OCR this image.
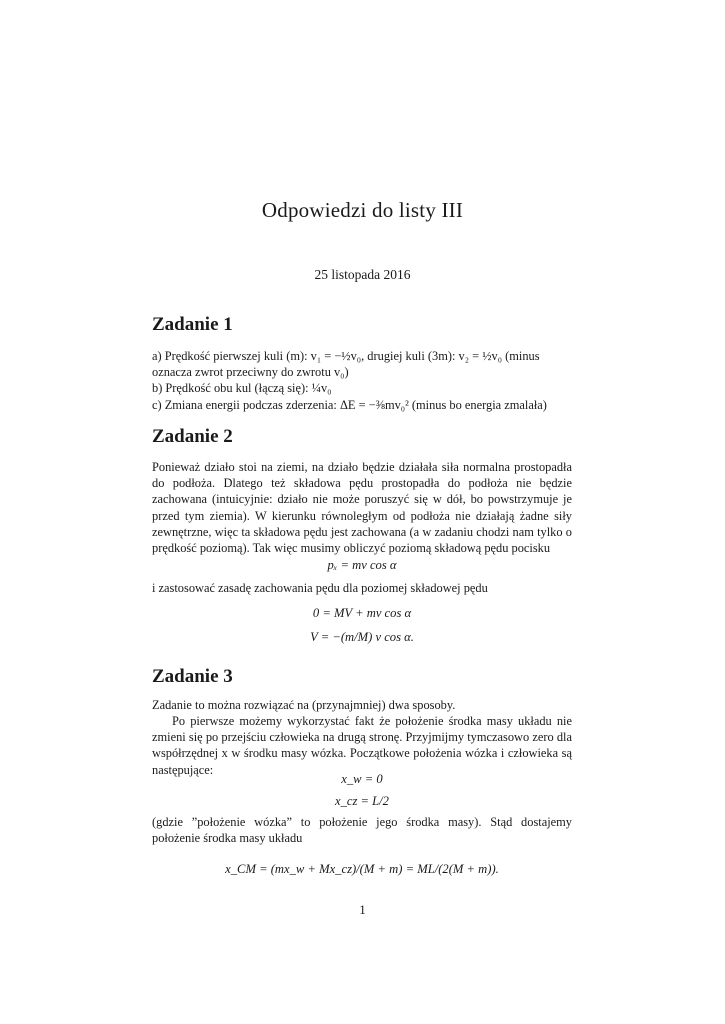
Odpowiedzi do listy III
25 listopada 2016
Zadanie 1
a) Prędkość pierwszej kuli (m): v₁ = −½v₀, drugiej kuli (3m): v₂ = ½v₀ (minus
oznacza zwrot przeciwny do zwrotu v₀)
b) Prędkość obu kul (łączą się): ¼v₀
c) Zmiana energii podczas zderzenia: ΔE = −⅜mv₀² (minus bo energia zmalała)
Zadanie 2
Ponieważ działo stoi na ziemi, na działo będzie działała siła normalna prostopadła do podłoża. Dlatego też składowa pędu prostopadła do podłoża nie będzie zachowana (intuicyjnie: działo nie może poruszyć się w dół, bo powstrzymuje je przed tym ziemia). W kierunku równoległym od podłoża nie działają żadne siły zewnętrzne, więc ta składowa pędu jest zachowana (a w zadaniu chodzi nam tylko o prędkość poziomą). Tak więc musimy obliczyć poziomą składową pędu pocisku
pₓ = mv cos α
i zastosować zasadę zachowania pędu dla poziomej składowej pędu
0 = MV + mv cos α
V = −(m/M) v cos α.
Zadanie 3
Zadanie to można rozwiązać na (przynajmniej) dwa sposoby.
Po pierwsze możemy wykorzystać fakt że położenie środka masy układu nie zmieni się po przejściu człowieka na drugą stronę. Przyjmijmy tymczasowo zero dla współrzędnej x w środku masy wózka. Początkowe położenia wózka i człowieka są następujące:
x_w = 0
x_cz = L/2
(gdzie ”położenie wózka” to położenie jego środka masy). Stąd dostajemy położenie środka masy układu
x_CM = (mx_w + Mx_cz)/(M + m) = ML/(2(M + m)).
1
